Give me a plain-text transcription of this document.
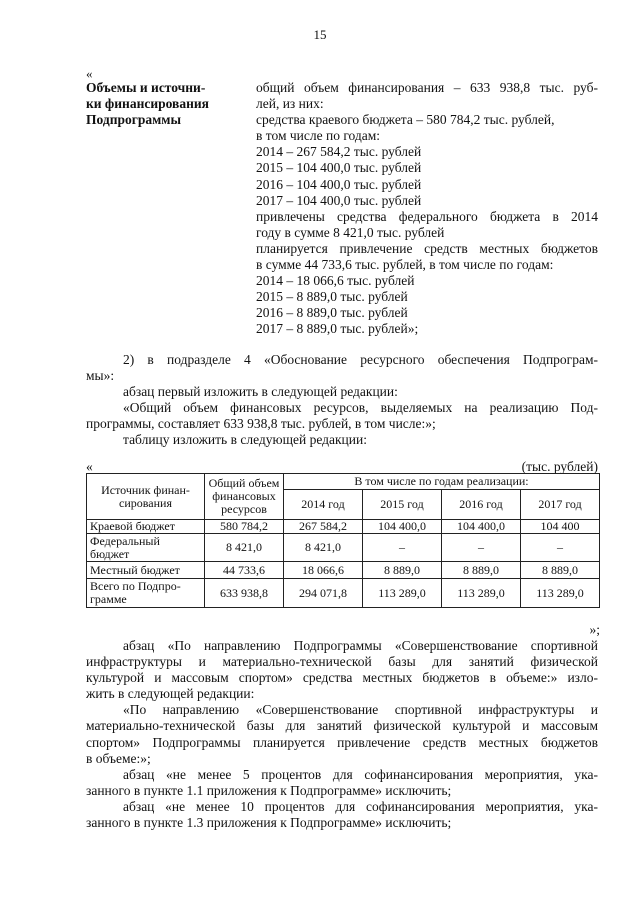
15
«
Объемы и источни-
ки финансирования
Подпрограммы
общий объем финансирования – 633 938,8 тыс. руб-
лей, из них:
средства краевого бюджета – 580 784,2 тыс. рублей,
в том числе по годам:
2014 – 267 584,2 тыс. рублей
2015 – 104 400,0 тыс. рублей
2016 – 104 400,0 тыс. рублей
2017 – 104 400,0 тыс. рублей
привлечены средства федерального бюджета в 2014
году в сумме 8 421,0 тыс. рублей
планируется привлечение средств местных бюджетов
в сумме 44 733,6 тыс. рублей, в том числе по годам:
2014 – 18 066,6 тыс. рублей
2015 – 8 889,0 тыс. рублей
2016 – 8 889,0 тыс. рублей
2017 – 8 889,0 тыс. рублей»;
2) в подразделе 4 «Обоснование ресурсного обеспечения Подпрограм-
мы»:
абзац первый изложить в следующей редакции:
«Общий объем финансовых ресурсов, выделяемых на реализацию Под-
программы, составляет 633 938,8 тыс. рублей, в том числе:»;
таблицу изложить в следующей редакции:
«	(тыс. рублей)
Источник финан-сирования	Общий объем финансовых ресурсов	В том числе по годам реализации:			
		2014 год	2015 год	2016 год	2017 год
Краевой бюджет	580 784,2	267 584,2	104 400,0	104 400,0	104 400
Федеральный бюджет	8 421,0	8 421,0	–	–	–
Местный бюджет	44 733,6	18 066,6	8 889,0	8 889,0	8 889,0
Всего по Подпро-грамме	633 938,8	294 071,8	113 289,0	113 289,0	113 289,0
»;
абзац «По направлению Подпрограммы «Совершенствование спортивной
инфраструктуры и материально-технической базы для занятий физической
культурой и массовым спортом» средства местных бюджетов в объеме:» изло-
жить в следующей редакции:
«По направлению «Совершенствование спортивной инфраструктуры и
материально-технической базы для занятий физической культурой и массовым
спортом» Подпрограммы планируется привлечение средств местных бюджетов
в объеме:»;
абзац «не менее 5 процентов для софинансирования мероприятия, ука-
занного в пункте 1.1 приложения к Подпрограмме» исключить;
абзац «не менее 10 процентов для софинансирования мероприятия, ука-
занного в пункте 1.3 приложения к Подпрограмме» исключить;
